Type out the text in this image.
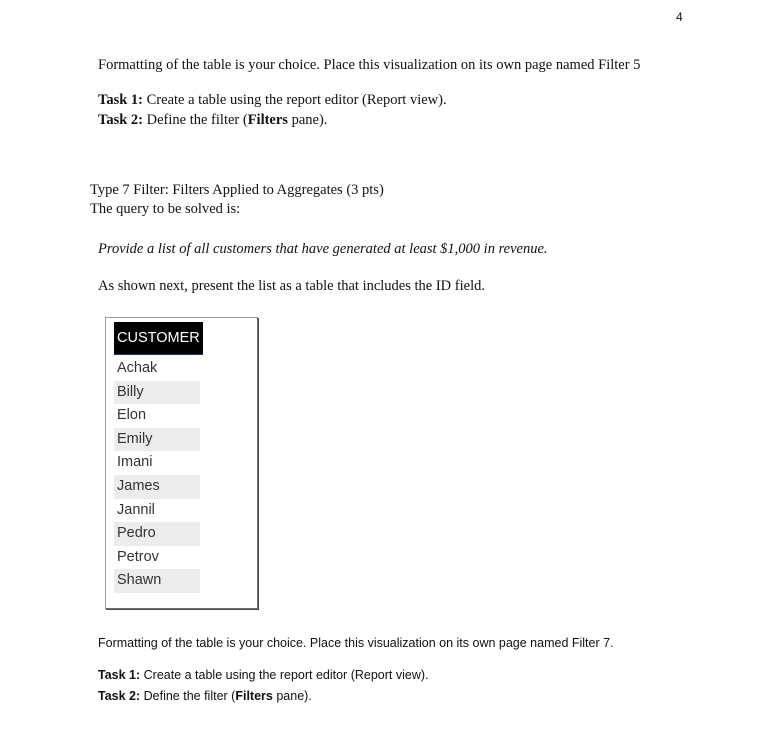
4
Formatting of the table is your choice. Place this visualization on its own page named Filter 5
Task 1: Create a table using the report editor (Report view).
Task 2: Define the filter (Filters pane).
Type 7 Filter: Filters Applied to Aggregates (3 pts)
The query to be solved is:
Provide a list of all customers that have generated at least $1,000 in revenue.
As shown next, present the list as a table that includes the ID field.
CUSTOMER
Achak
Billy
Elon
Emily
Imani
James
Jannil
Pedro
Petrov
Shawn
Formatting of the table is your choice. Place this visualization on its own page named Filter 7.
Task 1: Create a table using the report editor (Report view).
Task 2: Define the filter (Filters pane).
